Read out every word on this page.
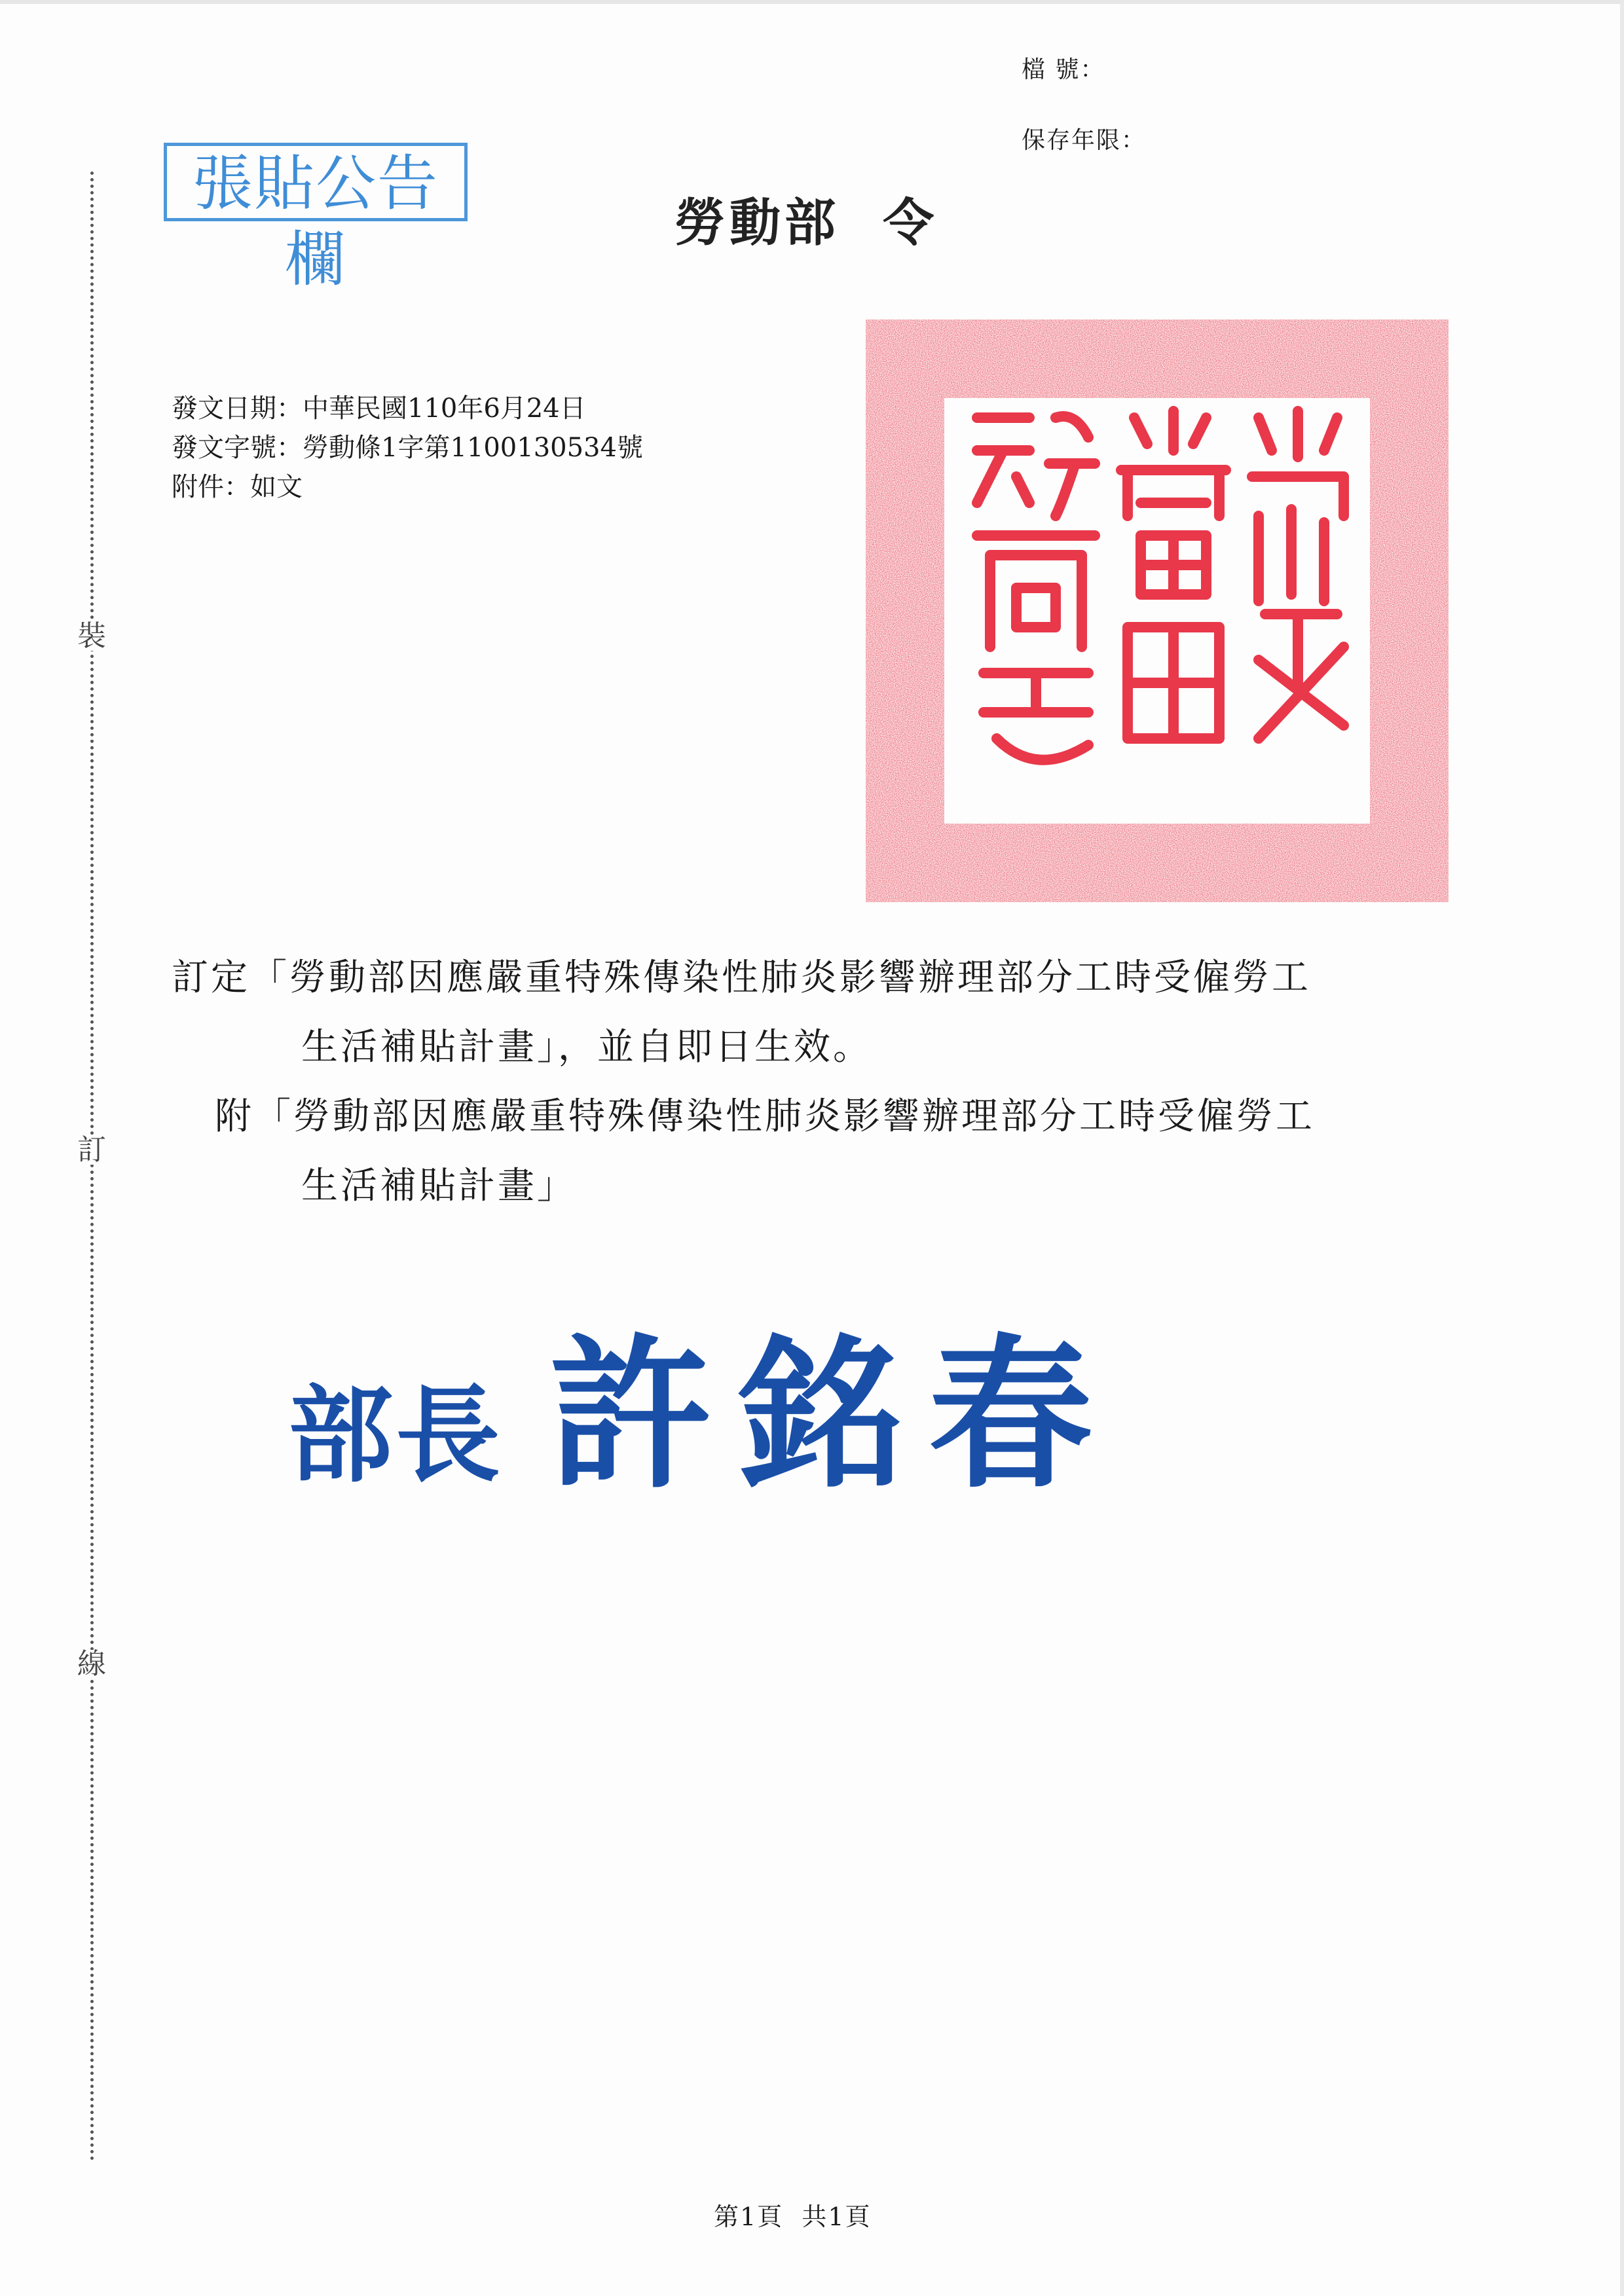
裝
訂
線
檔 號：
保存年限：
張貼公告欄
勞動部  令
發文日期：中華民國110年6月24日
發文字號：勞動條1字第1100130534號
附件：如文
訂定「勞動部因應嚴重特殊傳染性肺炎影響辦理部分工時受僱勞工
生活補貼計畫」，並自即日生效。
附「勞動部因應嚴重特殊傳染性肺炎影響辦理部分工時受僱勞工
生活補貼計畫」
部長 許銘春
第1頁  共1頁
